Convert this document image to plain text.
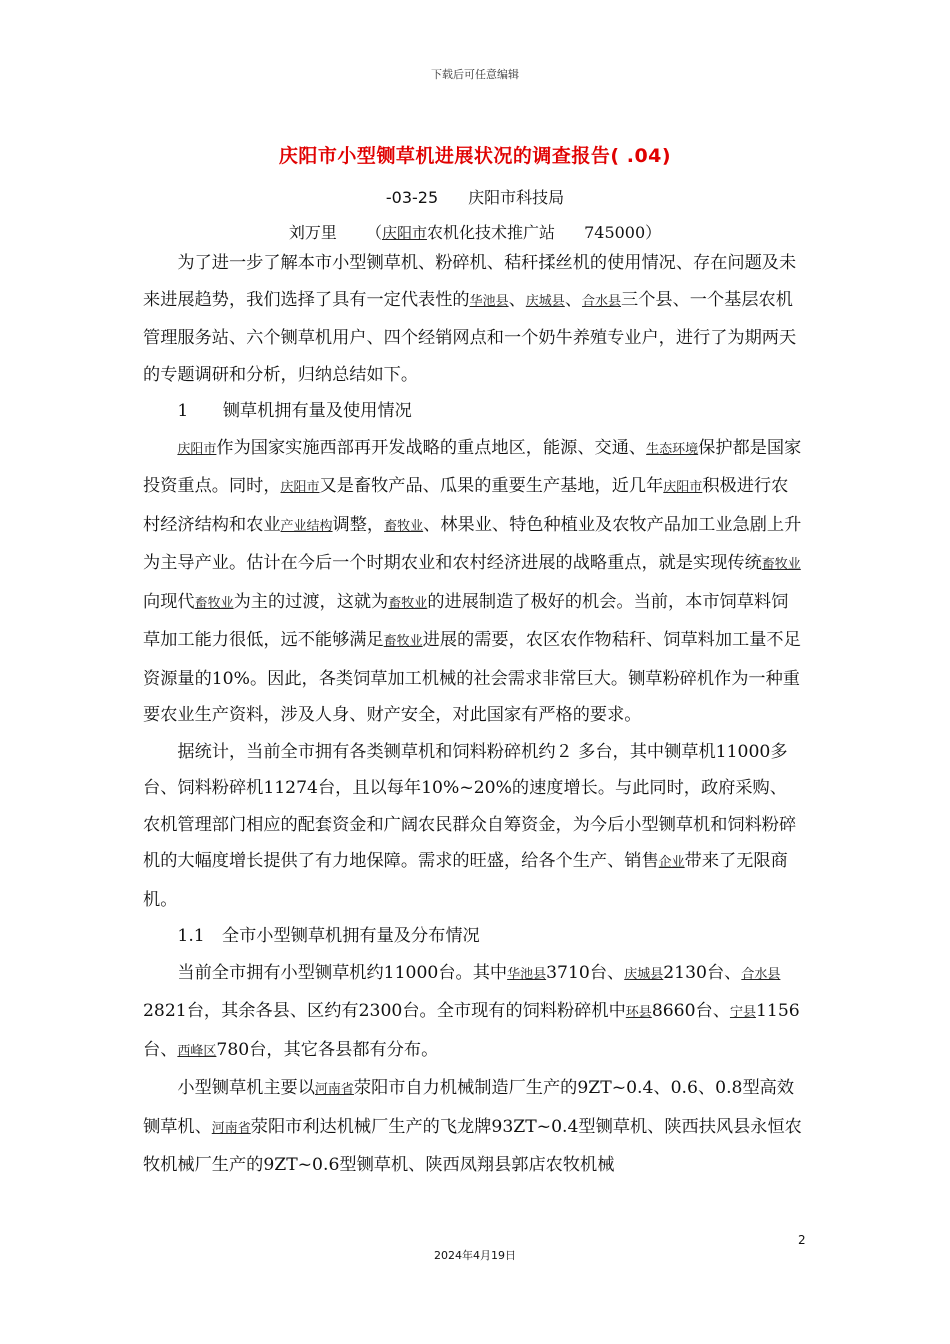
下载后可任意编辑
庆阳市小型铡草机进展状况的调查报告( .04)
-03-25 庆阳市科技局
刘万里 （庆阳市农机化技术推广站 745000）

为了进一步了解本市小型铡草机、粉碎机、秸秆揉丝机的使用情况、存在问题及未来进展趋势，我们选择了具有一定代表性的华池县、庆城县、合水县三个县、一个基层农机管理服务站、六个铡草机用户、四个经销网点和一个奶牛养殖专业户，进行了为期两天的专题调研和分析，归纳总结如下。

1　　铡草机拥有量及使用情况

庆阳市作为国家实施西部再开发战略的重点地区，能源、交通、生态环境保护都是国家投资重点。同时，庆阳市又是畜牧产品、瓜果的重要生产基地，近几年庆阳市积极进行农村经济结构和农业产业结构调整，畜牧业、林果业、特色种植业及农牧产品加工业急剧上升为主导产业。估计在今后一个时期农业和农村经济进展的战略重点，就是实现传统畜牧业向现代畜牧业为主的过渡，这就为畜牧业的进展制造了极好的机会。当前，本市饲草料饲草加工能力很低，远不能够满足畜牧业进展的需要，农区农作物秸秆、饲草料加工量不足资源量的10%。因此，各类饲草加工机械的社会需求非常巨大。铡草粉碎机作为一种重要农业生产资料，涉及人身、财产安全，对此国家有严格的要求。

据统计，当前全市拥有各类铡草机和饲料粉碎机约２ 多台，其中铡草机11000多台、饲料粉碎机11274台，且以每年10%~20%的速度增长。与此同时，政府采购、农机管理部门相应的配套资金和广阔农民群众自筹资金，为今后小型铡草机和饲料粉碎机的大幅度增长提供了有力地保障。需求的旺盛，给各个生产、销售企业带来了无限商机。

1.1　全市小型铡草机拥有量及分布情况

当前全市拥有小型铡草机约11000台。其中华池县3710台、庆城县2130台、合水县2821台，其余各县、区约有2300台。全市现有的饲料粉碎机中环县8660台、宁县1156台、西峰区780台，其它各县都有分布。

小型铡草机主要以河南省荥阳市自力机械制造厂生产的9ZT~0.4、0.6、0.8型高效铡草机、河南省荥阳市利达机械厂生产的飞龙牌93ZT~0.4型铡草机、陕西扶风县永恒农牧机械厂生产的9ZT~0.6型铡草机、陕西凤翔县郭店农牧机械

2
2024年4月19日
